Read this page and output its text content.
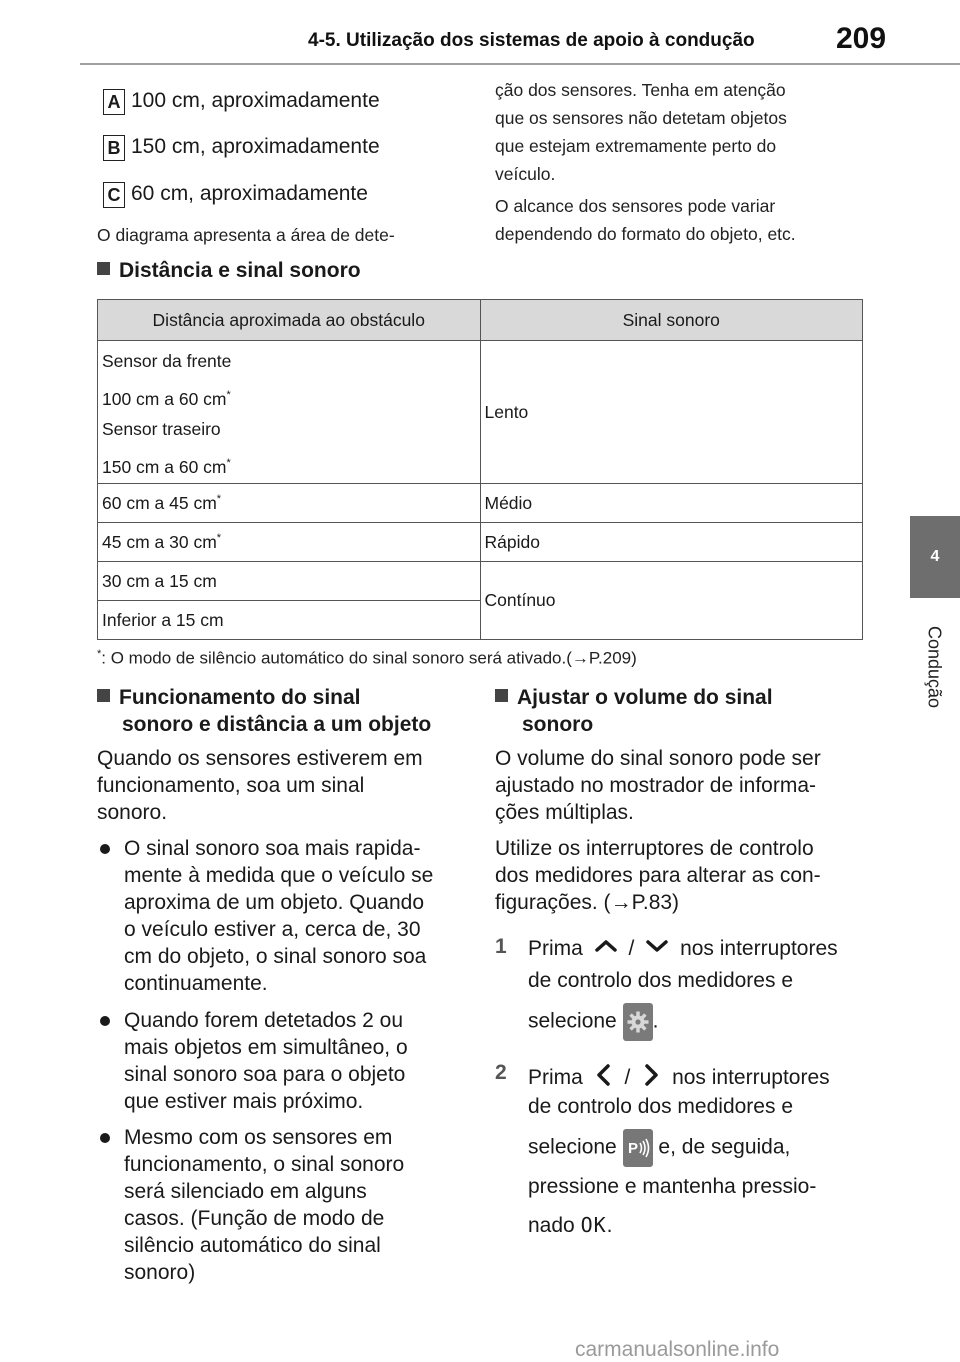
4-5. Utilização dos sistemas de apoio à condução	209
4
Condução
A 100 cm, aproximadamente
B 150 cm, aproximadamente
C 60 cm, aproximadamente
O diagrama apresenta a área de dete-
ção dos sensores. Tenha em atenção
que os sensores não detetam objetos
que estejam extremamente perto do
veículo.
O alcance dos sensores pode variar
dependendo do formato do objeto, etc.
Distância e sinal sonoro
Distância aproximada ao obstáculo	Sinal sonoro

Sensor da frente
100 cm a 60 cm*
Sensor traseiro
150 cm a 60 cm*	Lento
60 cm a 45 cm*	Médio
45 cm a 30 cm*	Rápido
30 cm a 15 cm	Contínuo
Inferior a 15 cm	
*: O modo de silêncio automático do sinal sonoro será ativado.(→P.209)
Funcionamento do sinal
sonoro e distância a um objeto
Quando os sensores estiverem em
funcionamento, soa um sinal
sonoro.
O sinal sonoro soa mais rapida-
mente à medida que o veículo se
aproxima de um objeto. Quando
o veículo estiver a, cerca de, 30
cm do objeto, o sinal sonoro soa
continuamente.
Quando forem detetados 2 ou
mais objetos em simultâneo, o
sinal sonoro soa para o objeto
que estiver mais próximo.
Mesmo com os sensores em
funcionamento, o sinal sonoro
será silenciado em alguns
casos. (Função de modo de
silêncio automático do sinal
sonoro)
Ajustar o volume do sinal
sonoro
O volume do sinal sonoro pode ser
ajustado no mostrador de informa-
ções múltiplas.
Utilize os interruptores de controlo
dos medidores para alterar as con-
figurações. (→P.83)
1 Prima / nos interruptores
de controlo dos medidores e
selecione .
2 Prima / nos interruptores
de controlo dos medidores e
selecione P e, de seguida,
pressione e mantenha pressio-
nado OK.
carmanualsonline.info
